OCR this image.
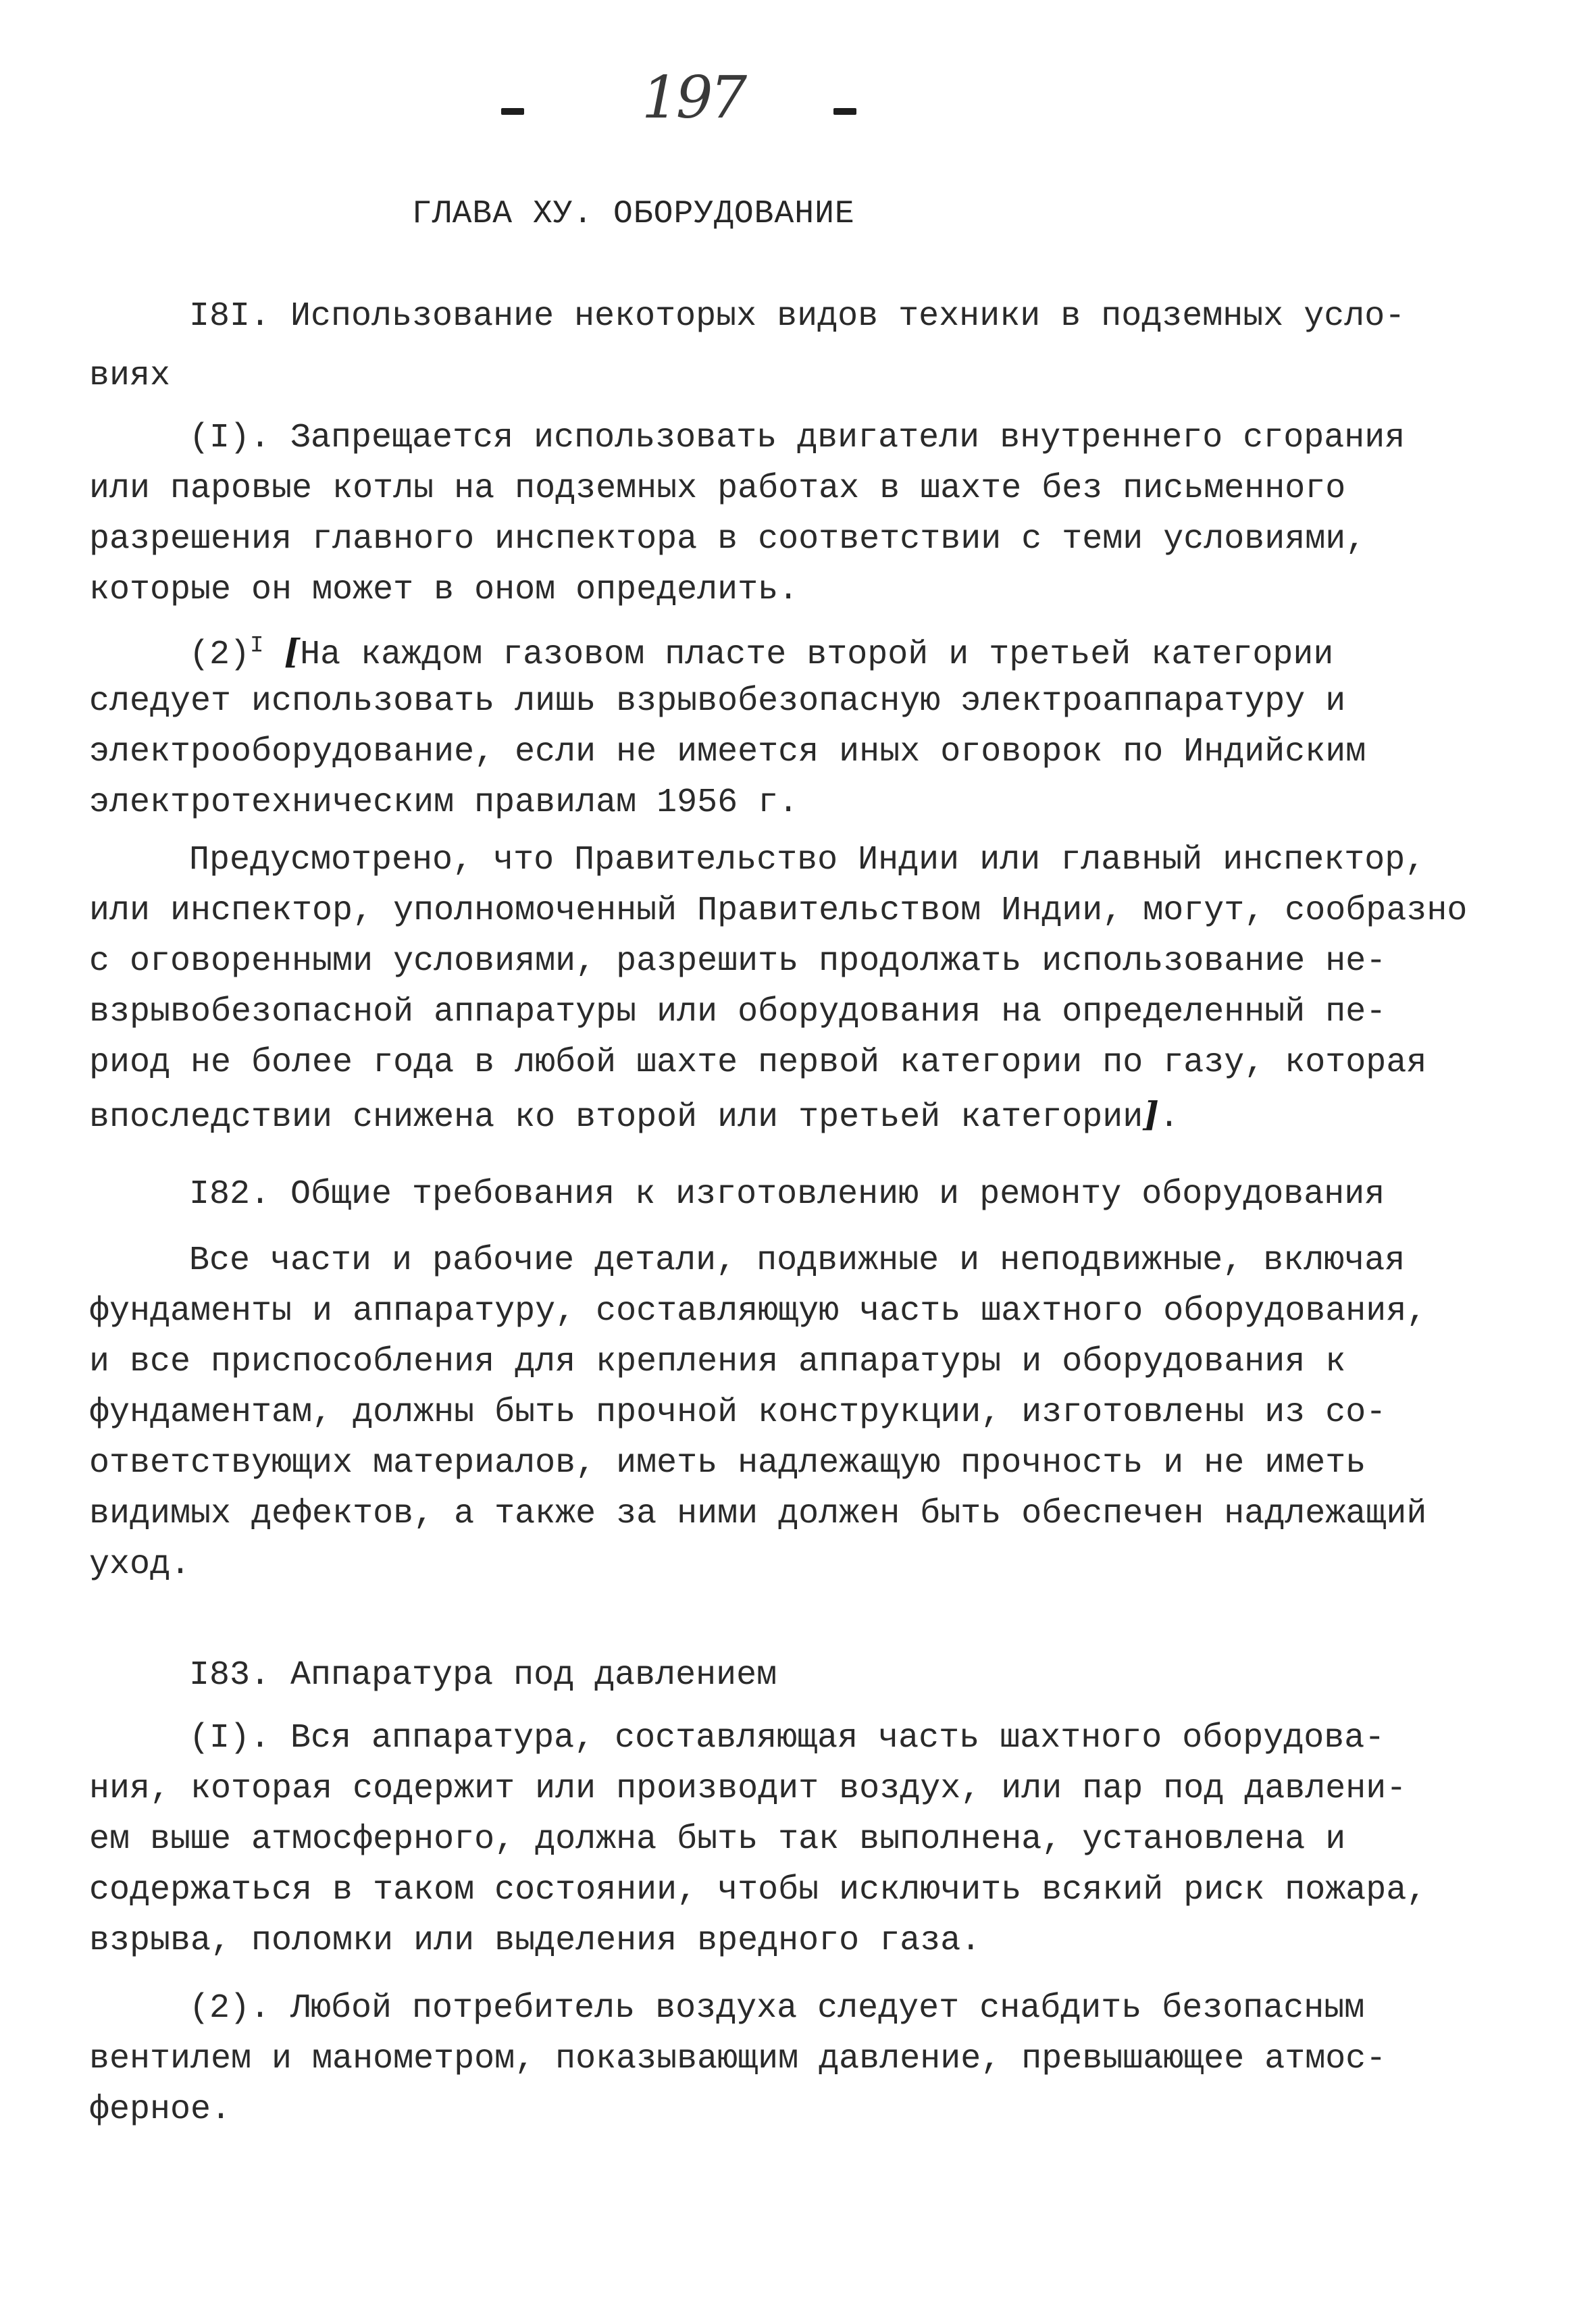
197
ГЛАВА ХУ. ОБОРУДОВАНИЕ
I8I. Использование некоторых видов техники в подземных усло-
виях
(I). Запрещается использовать двигатели внутреннего сгорания
или паровые котлы на подземных работах в шахте без письменного
разрешения главного инспектора в соответствии с теми условиями,
которые он может в оном определить.
$(2)^I$ [На каждом газовом пласте второй и третьей категории
следует использовать лишь взрывобезопасную электроаппаратуру и
электрооборудование, если не имеется иных оговорок по Индийским
электротехническим правилам 1956 г.
Предусмотрено, что Правительство Индии или главный инспектор,
или инспектор, уполномоченный Правительством Индии, могут, сообразно
с оговоренными условиями, разрешить продолжать использование не-
взрывобезопасной аппаратуры или оборудования на определенный пе-
риод не более года в любой шахте первой категории по газу, которая
впоследствии снижена ко второй или третьей категории].
I82. Общие требования к изготовлению и ремонту оборудования
Все части и рабочие детали, подвижные и неподвижные, включая
фундаменты и аппаратуру, составляющую часть шахтного оборудования,
и все приспособления для крепления аппаратуры и оборудования к
фундаментам, должны быть прочной конструкции, изготовлены из со-
ответствующих материалов, иметь надлежащую прочность и не иметь
видимых дефектов, а также за ними должен быть обеспечен надлежащий
уход.
I83. Аппаратура под давлением
(I). Вся аппаратура, составляющая часть шахтного оборудова-
ния, которая содержит или производит воздух, или пар под давлени-
ем выше атмосферного, должна быть так выполнена, установлена и
содержаться в таком состоянии, чтобы исключить всякий риск пожара,
взрыва, поломки или выделения вредного газа.
(2). Любой потребитель воздуха следует снабдить безопасным
вентилем и манометром, показывающим давление, превышающее атмос-
ферное.
